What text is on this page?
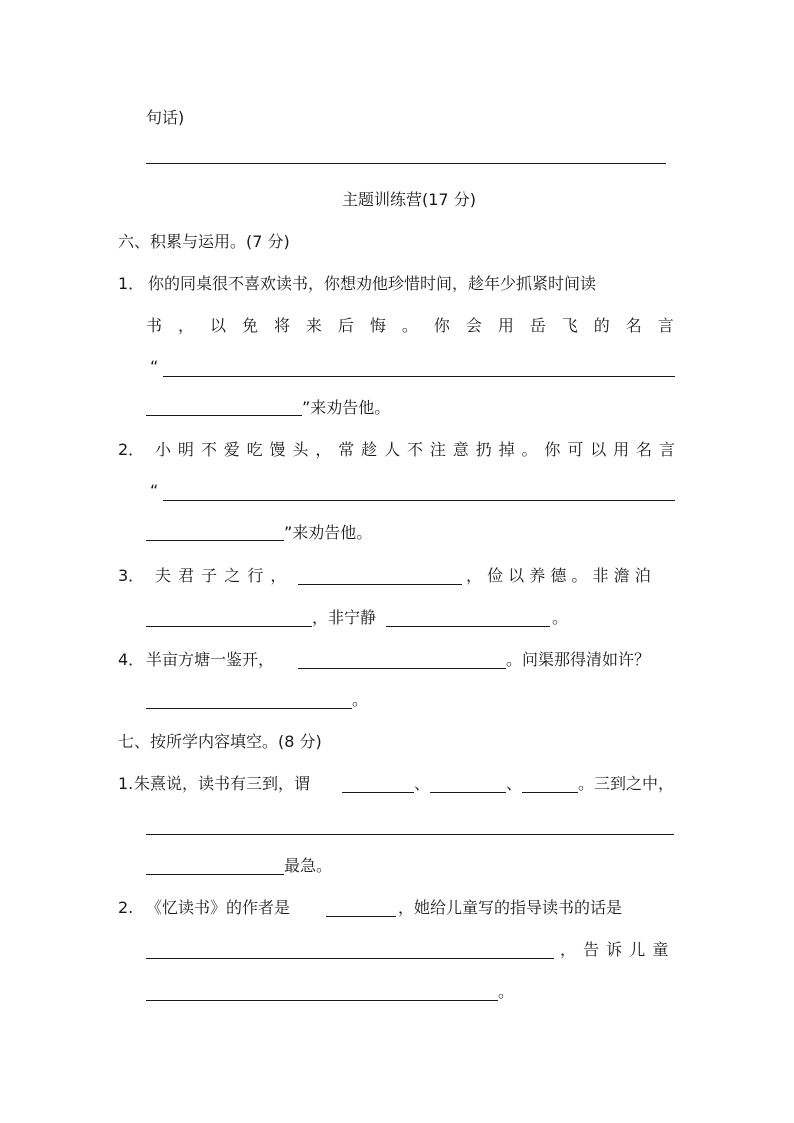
句话)
主题训练营(17 分)
六、积累与运用。(7 分)
1． 你的同桌很不喜欢读书，你想劝他珍惜时间，趁年少抓紧时间读
书 ， 以 免 将 来 后 悔 。 你 会 用 岳 飞 的 名 言
“
”来劝告他。
2． 小 明 不 爱 吃 馒 头 ， 常 趁 人 不 注 意 扔 掉 。 你 可 以 用 名 言
“
”来劝告他。
3． 夫 君 子 之 行 ，	， 俭 以 养 德 。 非 澹 泊
，非宁静	。
4． 半亩方塘一鉴开，	。问渠那得清如许？
。
七、按所学内容填空。(8 分)
1. 朱熹说，读书有三到，谓	、	、	。三到之中，
最急。
2. 《忆读书》的作者是	，她给儿童写的指导读书的话是
， 告 诉 儿 童
。
